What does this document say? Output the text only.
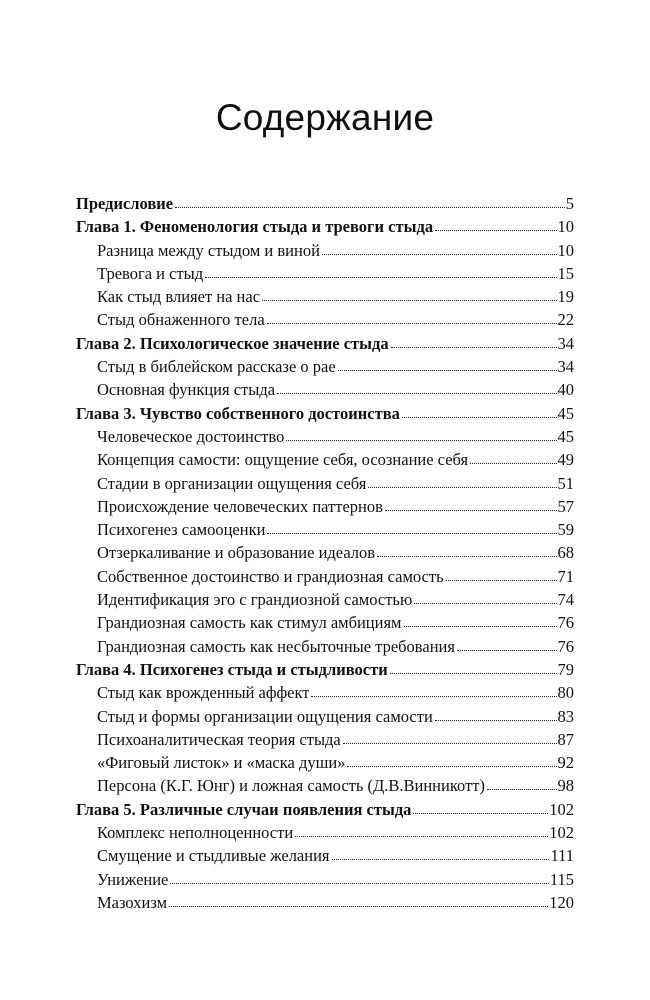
Содержание
Предисловие	5
Глава 1. Феноменология стыда и тревоги стыда	10
Разница между стыдом и виной	10
Тревога и стыд	15
Как стыд влияет на нас	19
Стыд обнаженного тела	22
Глава 2. Психологическое значение стыда	34
Стыд в библейском рассказе о рае	34
Основная функция стыда	40
Глава 3. Чувство собственного достоинства	45
Человеческое достоинство	45
Концепция самости: ощущение себя, осознание себя	49
Стадии в организации ощущения себя	51
Происхождение человеческих паттернов	57
Психогенез самооценки	59
Отзеркаливание и образование идеалов	68
Собственное достоинство и грандиозная самость	71
Идентификация эго с грандиозной самостью	74
Грандиозная самость как стимул амбициям	76
Грандиозная самость как несбыточные требования	76
Глава 4. Психогенез стыда и стыдливости	79
Стыд как врожденный аффект	80
Стыд и формы организации ощущения самости	83
Психоаналитическая теория стыда	87
«Фиговый листок» и «маска души»	92
Персона (К.Г. Юнг) и ложная самость (Д.В.Винникотт)	98
Глава 5. Различные случаи появления стыда	102
Комплекс неполноценности	102
Смущение и стыдливые желания	111
Унижение	115
Мазохизм	120
